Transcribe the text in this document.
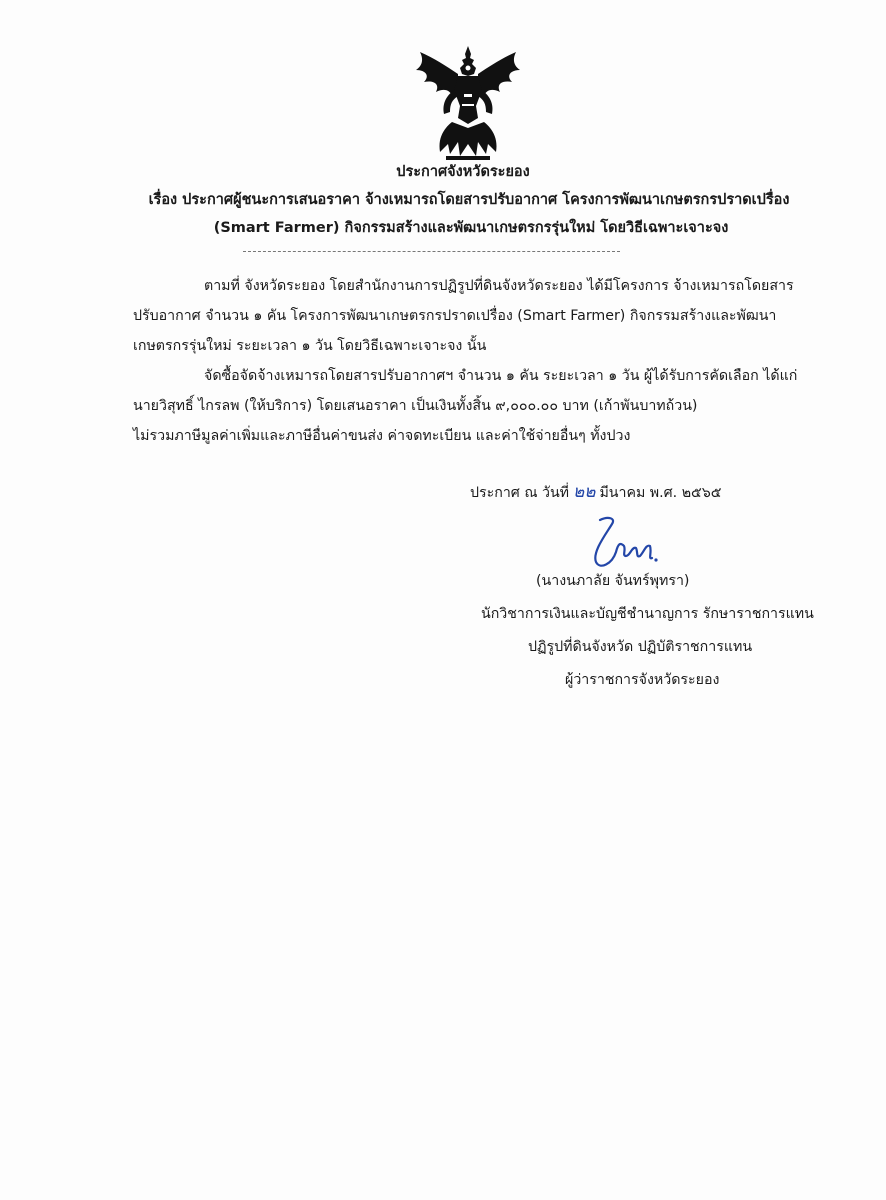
ประกาศจังหวัดระยอง
เรื่อง ประกาศผู้ชนะการเสนอราคา จ้างเหมารถโดยสารปรับอากาศ โครงการพัฒนาเกษตรกรปราดเปรื่อง
(Smart Farmer) กิจกรรมสร้างและพัฒนาเกษตรกรรุ่นใหม่ โดยวิธีเฉพาะเจาะจง
ตามที่ จังหวัดระยอง โดยสำนักงานการปฏิรูปที่ดินจังหวัดระยอง ได้มีโครงการ จ้างเหมารถโดยสาร
ปรับอากาศ จำนวน ๑ คัน โครงการพัฒนาเกษตรกรปราดเปรื่อง (Smart Farmer) กิจกรรมสร้างและพัฒนา
เกษตรกรรุ่นใหม่ ระยะเวลา ๑ วัน โดยวิธีเฉพาะเจาะจง นั้น
จัดซื้อจัดจ้างเหมารถโดยสารปรับอากาศฯ จำนวน ๑ คัน ระยะเวลา ๑ วัน ผู้ได้รับการคัดเลือก ได้แก่
นายวิสุทธิ์ ไกรลพ (ให้บริการ) โดยเสนอราคา เป็นเงินทั้งสิ้น ๙,๐๐๐.๐๐ บาท (เก้าพันบาทถ้วน)
ไม่รวมภาษีมูลค่าเพิ่มและภาษีอื่นค่าขนส่ง ค่าจดทะเบียน และค่าใช้จ่ายอื่นๆ ทั้งปวง
ประกาศ ณ วันที่ ๒๒ มีนาคม พ.ศ. ๒๕๖๕
(นางนภาลัย จันทร์พุทรา)
นักวิชาการเงินและบัญชีชำนาญการ รักษาราชการแทน
ปฏิรูปที่ดินจังหวัด ปฏิบัติราชการแทน
ผู้ว่าราชการจังหวัดระยอง
